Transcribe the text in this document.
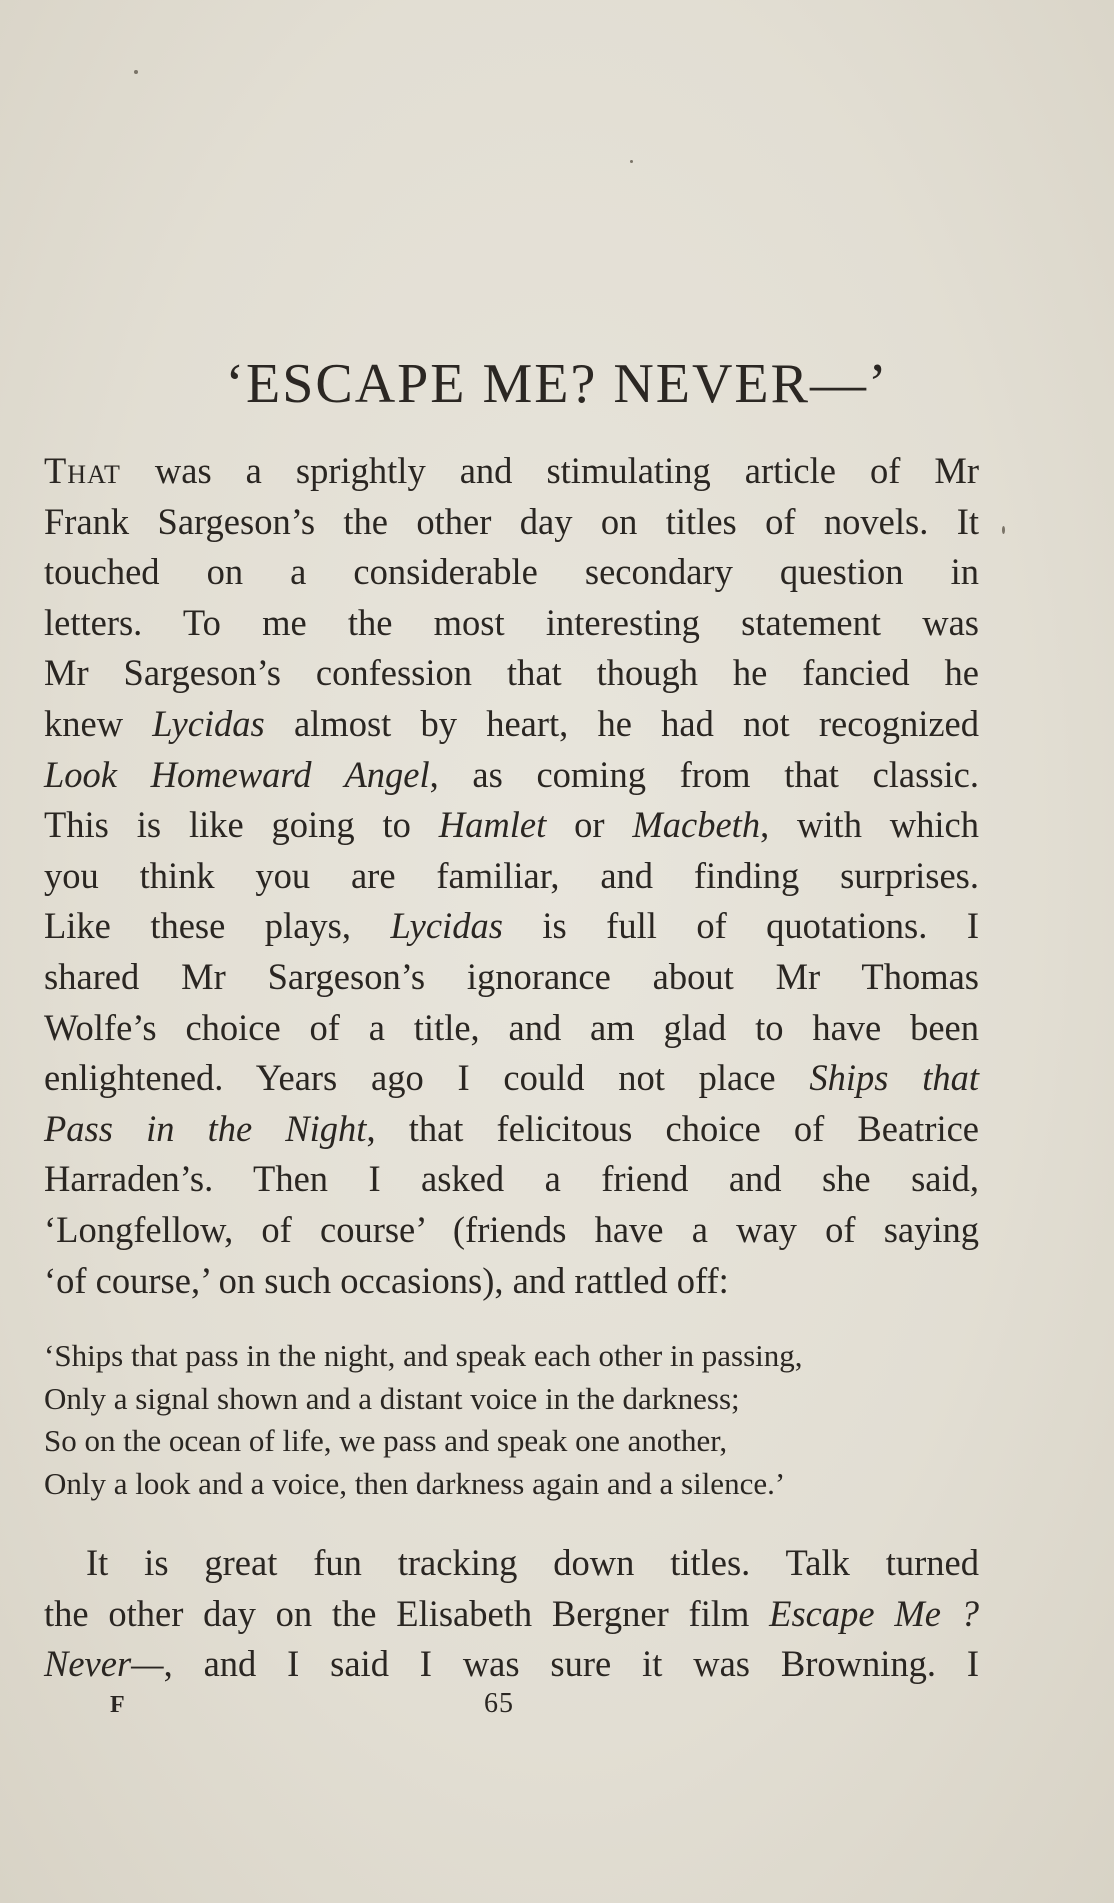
‘ESCAPE ME? NEVER—’
That was a sprightly and stimulating article of Mr
Frank Sargeson’s the other day on titles of novels. It
touched on a considerable secondary question in
letters. To me the most interesting statement was
Mr Sargeson’s confession that though he fancied he
knew Lycidas almost by heart, he had not recognized
Look Homeward Angel, as coming from that classic.
This is like going to Hamlet or Macbeth, with which
you think you are familiar, and finding surprises.
Like these plays, Lycidas is full of quotations. I
shared Mr Sargeson’s ignorance about Mr Thomas
Wolfe’s choice of a title, and am glad to have been
enlightened. Years ago I could not place Ships that
Pass in the Night, that felicitous choice of Beatrice
Harraden’s. Then I asked a friend and she said,
‘Longfellow, of course’ (friends have a way of saying
‘of course,’ on such occasions), and rattled off:
‘Ships that pass in the night, and speak each other in passing,
Only a signal shown and a distant voice in the darkness;
So on the ocean of life, we pass and speak one another,
Only a look and a voice, then darkness again and a silence.’
It is great fun tracking down titles. Talk turned
the other day on the Elisabeth Bergner film Escape Me ?
Never—, and I said I was sure it was Browning. I
F	65
